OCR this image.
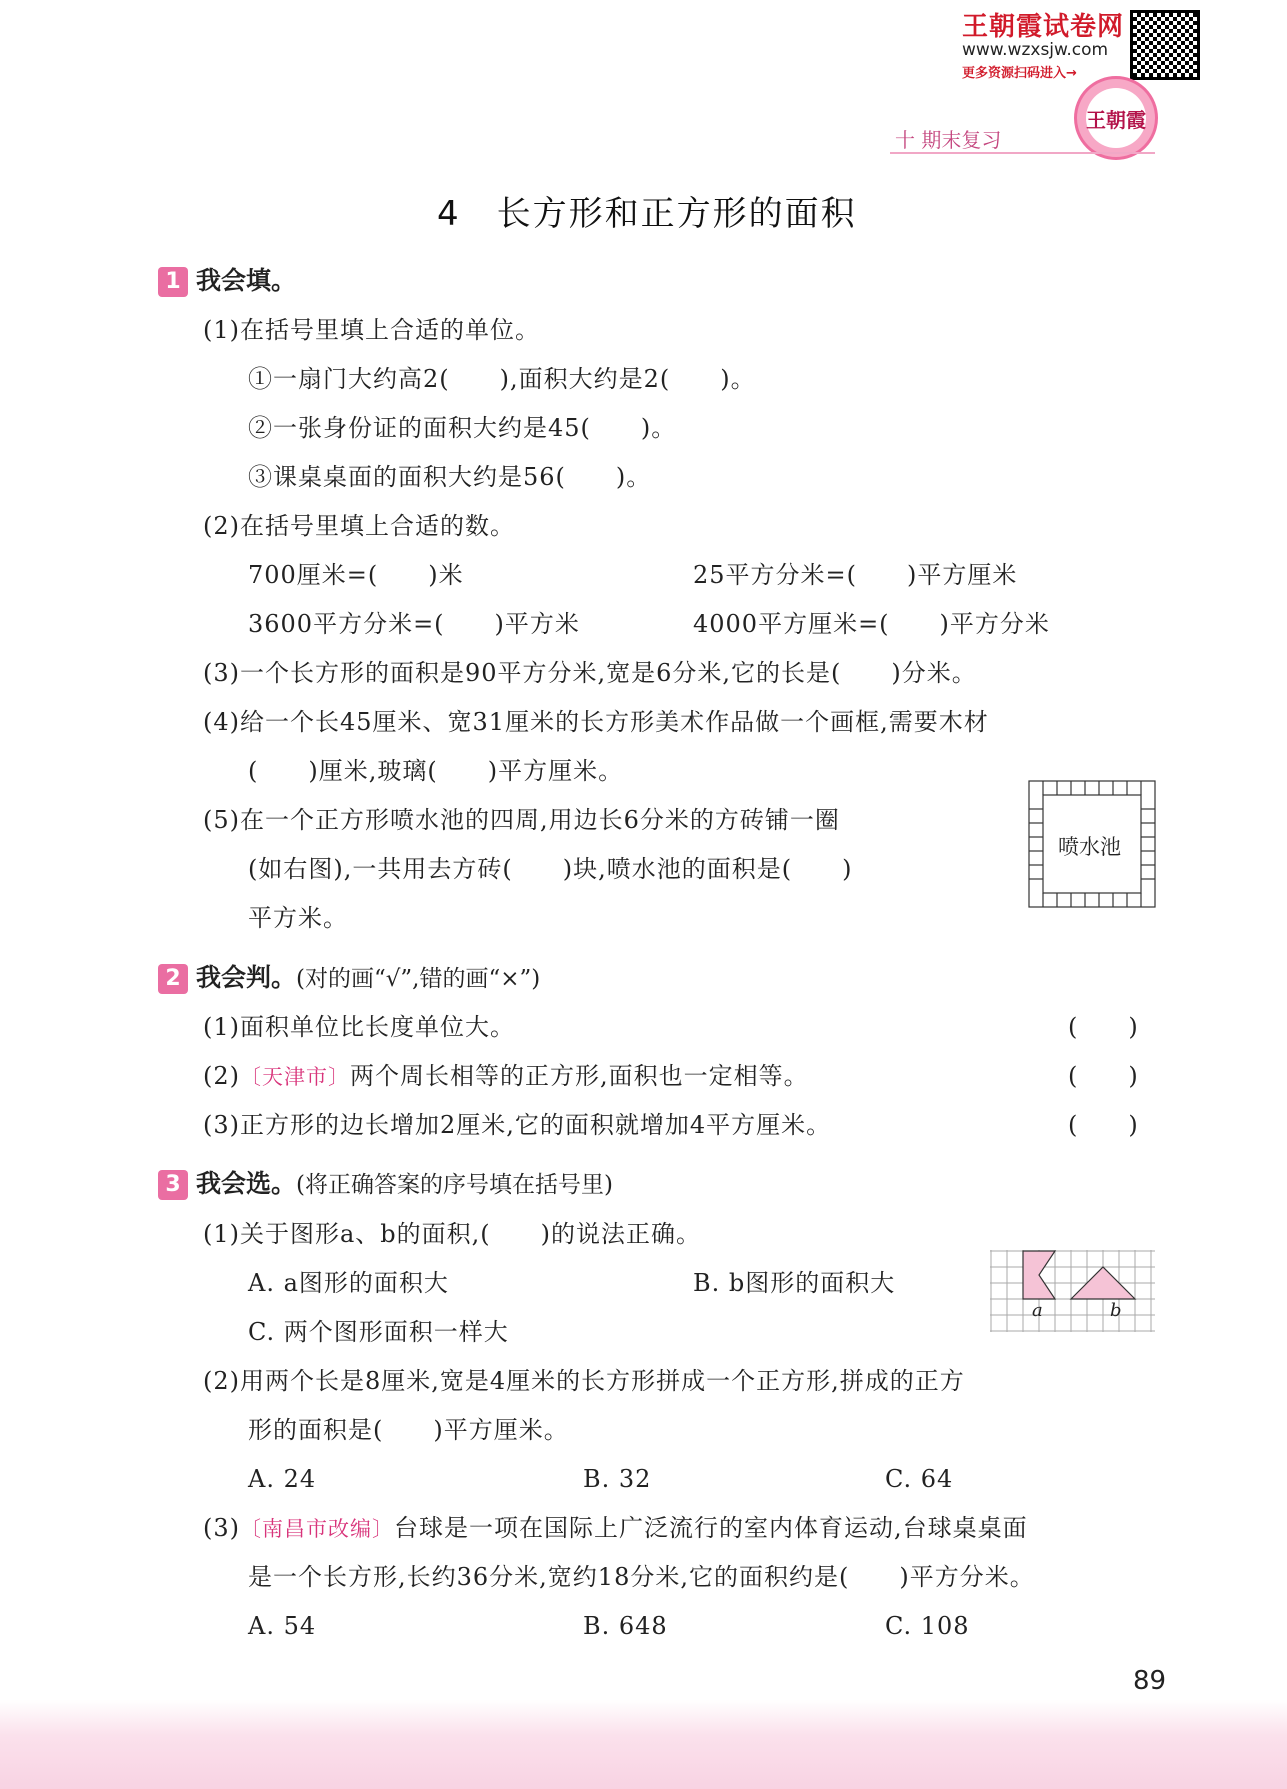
王朝霞试卷网
www.wzxsjw.com
更多资源扫码进入→
王朝霞
十 期末复习
4　长方形和正方形的面积
1 我会填。
(1)在括号里填上合适的单位。
①一扇门大约高2(　　),面积大约是2(　　)。
②一张身份证的面积大约是45(　　)。
③课桌桌面的面积大约是56(　　)。
(2)在括号里填上合适的数。
700厘米=(　　)米	25平方分米=(　　)平方厘米
3600平方分米=(　　)平方米	4000平方厘米=(　　)平方分米
(3)一个长方形的面积是90平方分米,宽是6分米,它的长是(　　)分米。
(4)给一个长45厘米、宽31厘米的长方形美术作品做一个画框,需要木材
(　　)厘米,玻璃(　　)平方厘米。
(5)在一个正方形喷水池的四周,用边长6分米的方砖铺一圈
(如右图),一共用去方砖(　　)块,喷水池的面积是(　　)
平方米。
喷水池
2 我会判。(对的画“√”,错的画“×”)
(1)面积单位比长度单位大。	(　　)
(2)〔天津市〕两个周长相等的正方形,面积也一定相等。	(　　)
(3)正方形的边长增加2厘米,它的面积就增加4平方厘米。	(　　)
3 我会选。(将正确答案的序号填在括号里)
(1)关于图形a、b的面积,(　　)的说法正确。
A. a图形的面积大	B. b图形的面积大
C. 两个图形面积一样大
a	b
(2)用两个长是8厘米,宽是4厘米的长方形拼成一个正方形,拼成的正方
形的面积是(　　)平方厘米。
A. 24	B. 32	C. 64
(3)〔南昌市改编〕台球是一项在国际上广泛流行的室内体育运动,台球桌桌面
是一个长方形,长约36分米,宽约18分米,它的面积约是(　　)平方分米。
A. 54	B. 648	C. 108
89
